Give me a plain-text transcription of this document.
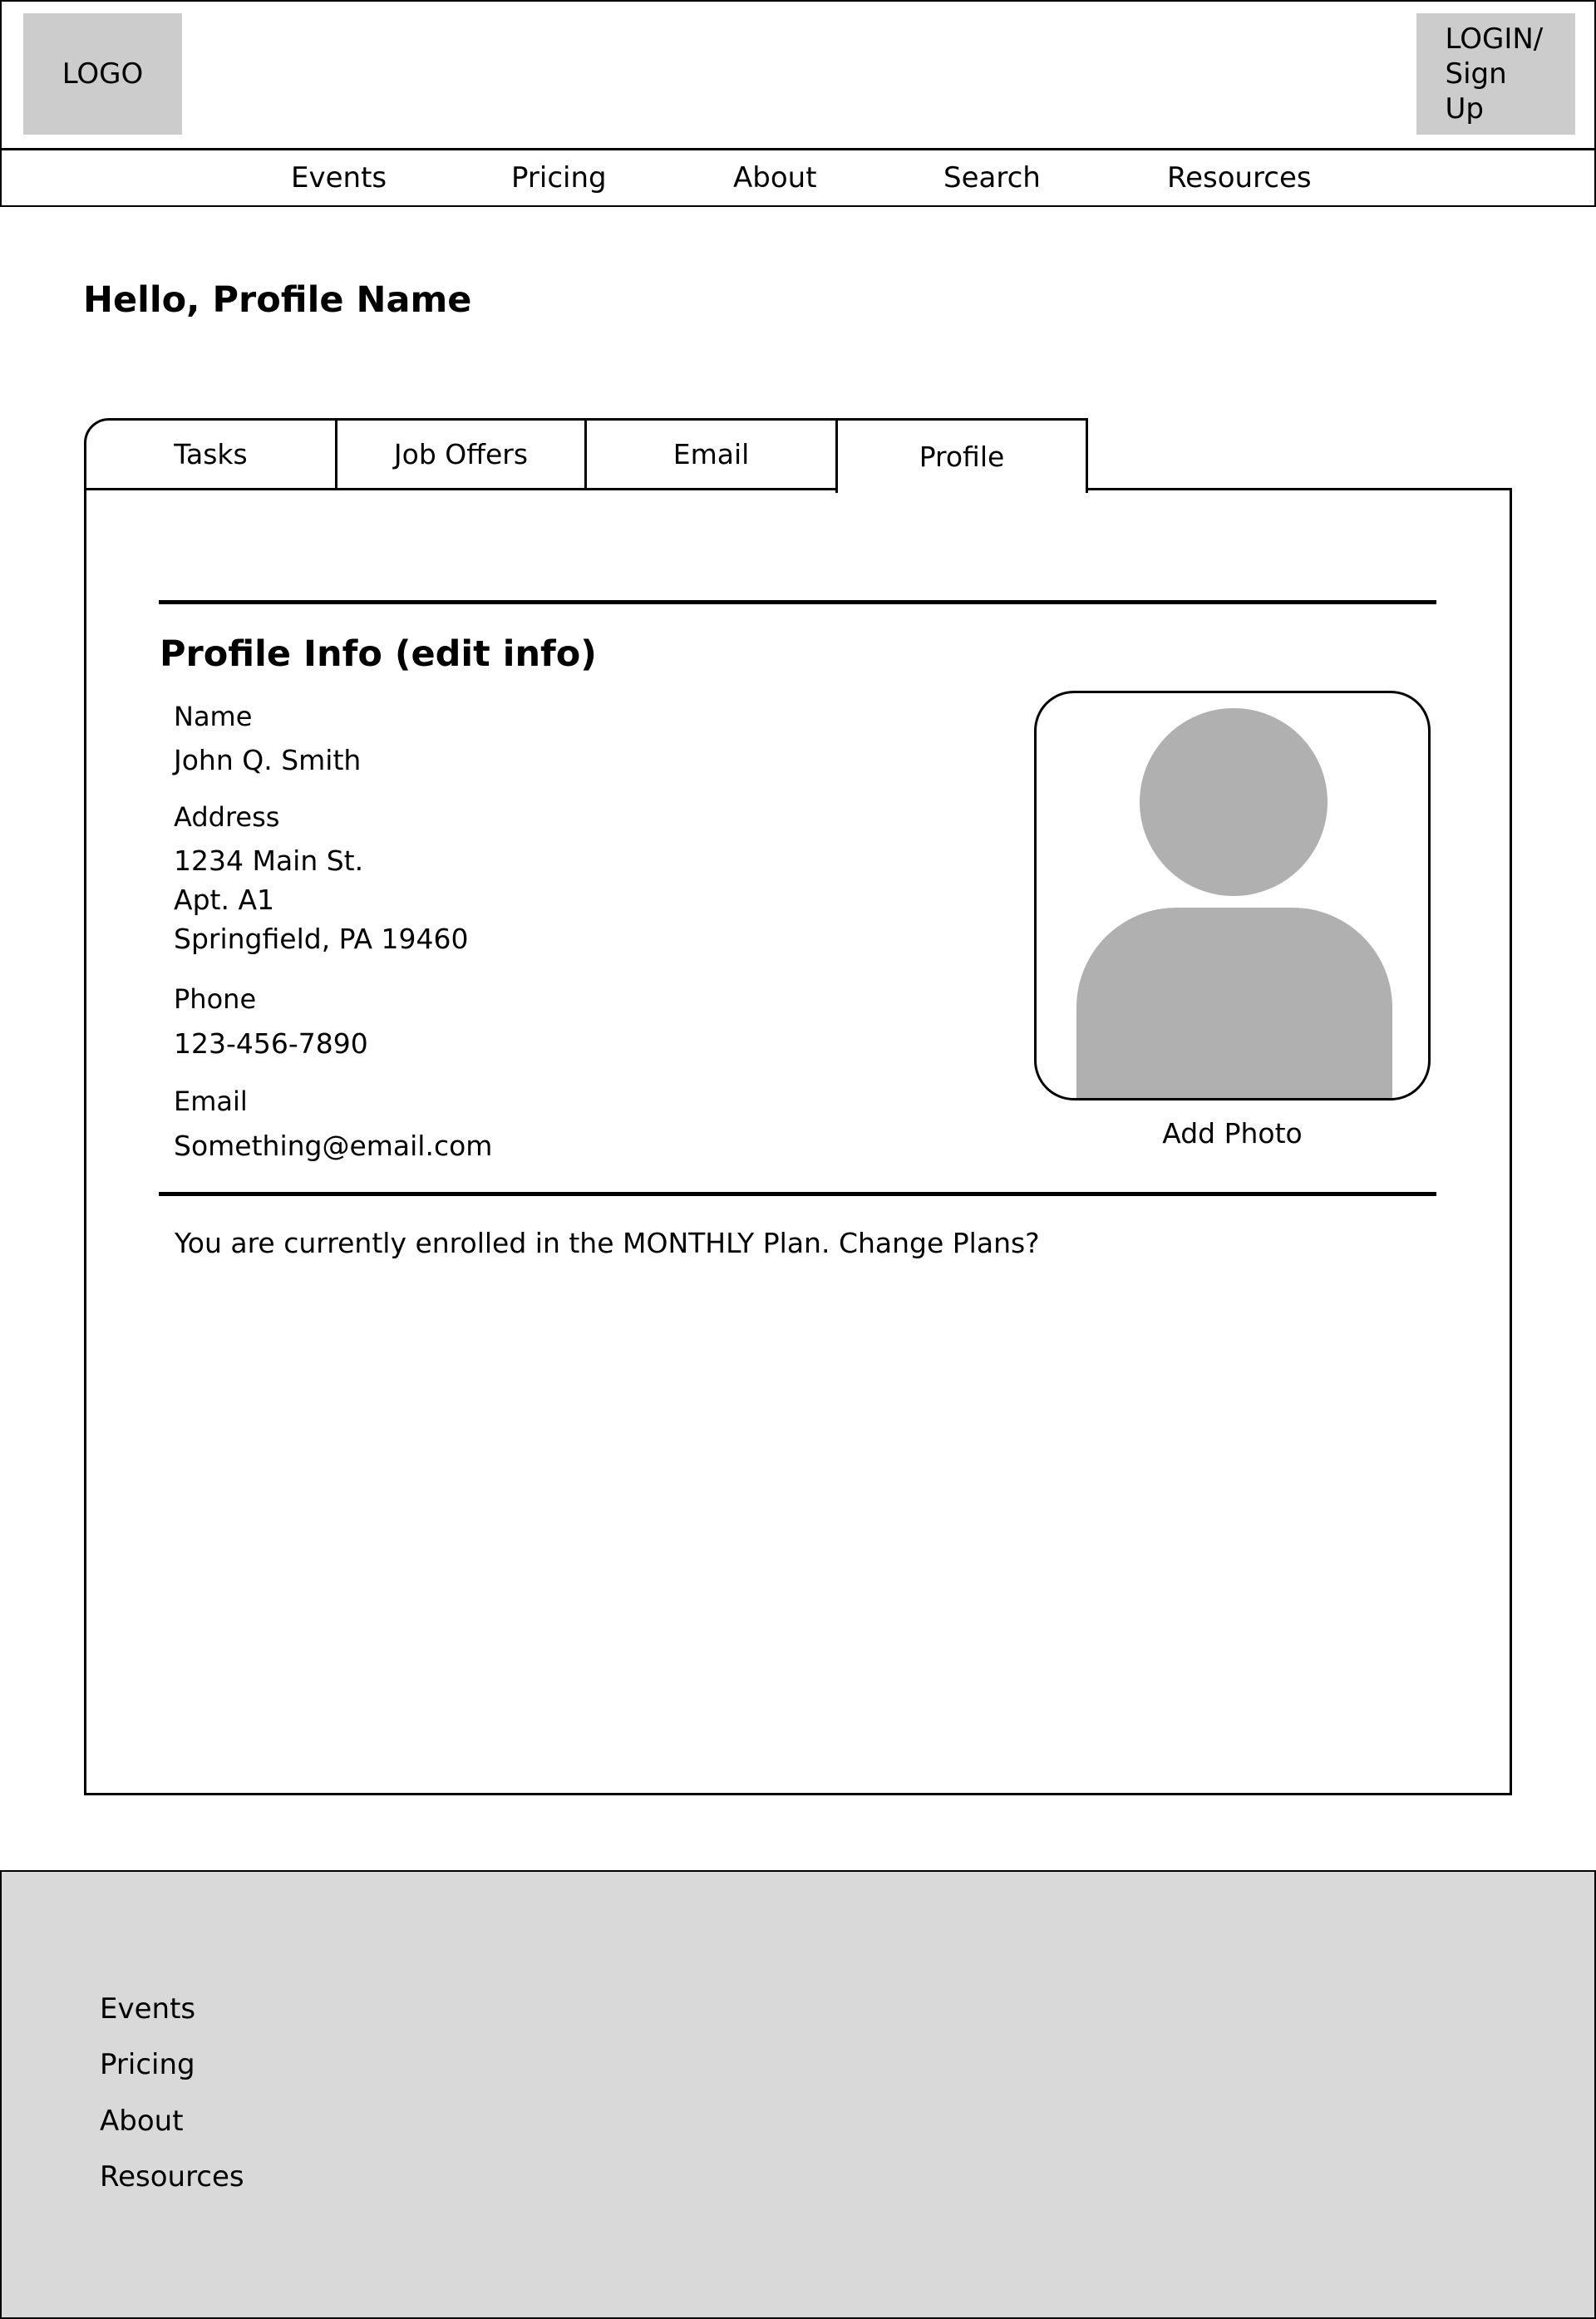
LOGO
LOGIN/
Sign Up
Events	Pricing	About	Search	Resources
Hello, Profile Name
Tasks	Job Offers	Email	Profile
Profile Info (edit info)
Name
John Q. Smith
Address
1234 Main St.
Apt. A1
Springfield, PA 19460
Phone
123-456-7890
Email
Something@email.com	Add Photo
You are currently enrolled in the MONTHLY Plan. Change Plans?
Events
Pricing
About
Resources
